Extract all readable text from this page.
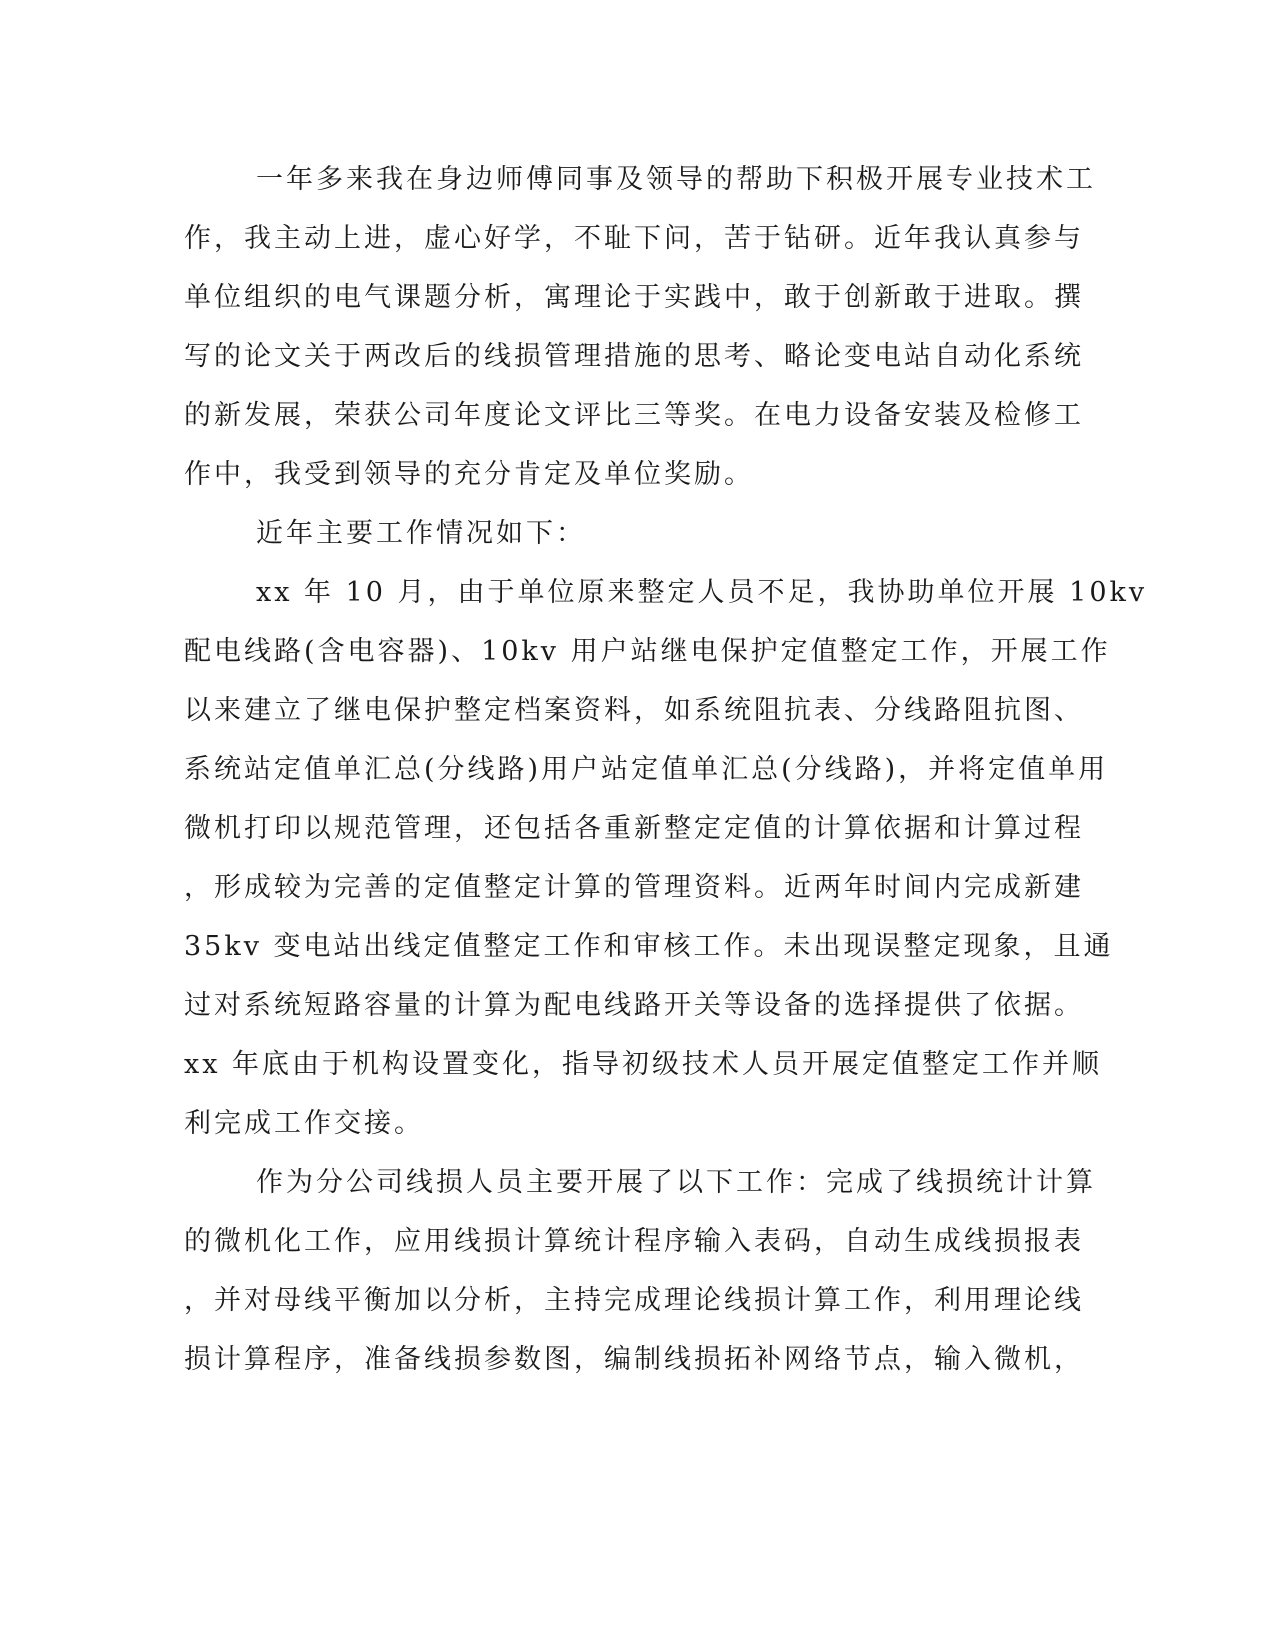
一年多来我在身边师傅同事及领导的帮助下积极开展专业技术工
作，我主动上进，虚心好学，不耻下问，苦于钻研。近年我认真参与
单位组织的电气课题分析，寓理论于实践中，敢于创新敢于进取。撰
写的论文关于两改后的线损管理措施的思考、略论变电站自动化系统
的新发展，荣获公司年度论文评比三等奖。在电力设备安装及检修工
作中，我受到领导的充分肯定及单位奖励。
近年主要工作情况如下：
xx 年 10 月，由于单位原来整定人员不足，我协助单位开展 10kv
配电线路(含电容器)、10kv 用户站继电保护定值整定工作，开展工作
以来建立了继电保护整定档案资料，如系统阻抗表、分线路阻抗图、
系统站定值单汇总(分线路)用户站定值单汇总(分线路)，并将定值单用
微机打印以规范管理，还包括各重新整定定值的计算依据和计算过程
，形成较为完善的定值整定计算的管理资料。近两年时间内完成新建
35kv 变电站出线定值整定工作和审核工作。未出现误整定现象，且通
过对系统短路容量的计算为配电线路开关等设备的选择提供了依据。
xx 年底由于机构设置变化，指导初级技术人员开展定值整定工作并顺
利完成工作交接。
作为分公司线损人员主要开展了以下工作：完成了线损统计计算
的微机化工作，应用线损计算统计程序输入表码，自动生成线损报表
，并对母线平衡加以分析，主持完成理论线损计算工作，利用理论线
损计算程序，准备线损参数图，编制线损拓补网络节点，输入微机，
